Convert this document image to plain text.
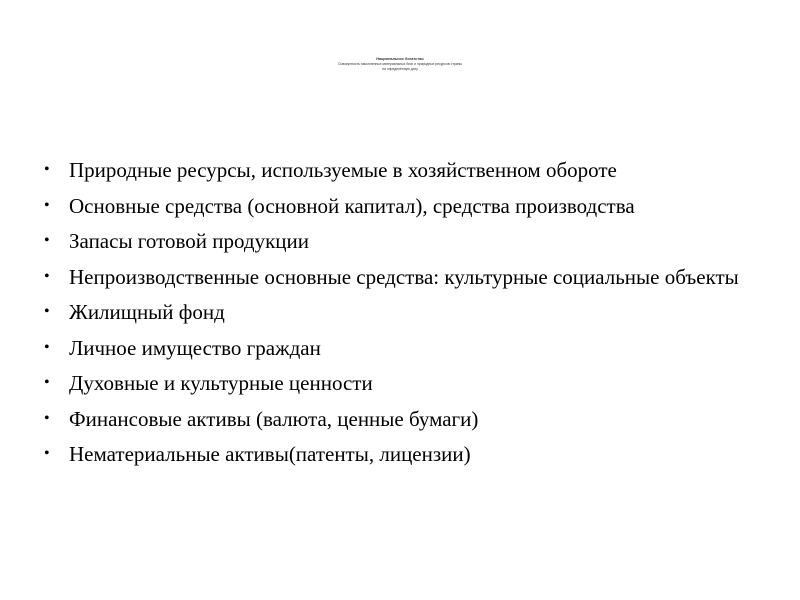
Национальное богатство
Совокупность накопленных материальных благ и природных ресурсов страны
на определённую дату
• Природные ресурсы, используемые в хозяйственном обороте
• Основные средства (основной капитал), средства производства
• Запасы готовой продукции
• Непроизводственные основные средства: культурные социальные объекты
• Жилищный фонд
• Личное имущество граждан
• Духовные и культурные ценности
• Финансовые активы (валюта, ценные бумаги)
• Нематериальные активы(патенты, лицензии)
